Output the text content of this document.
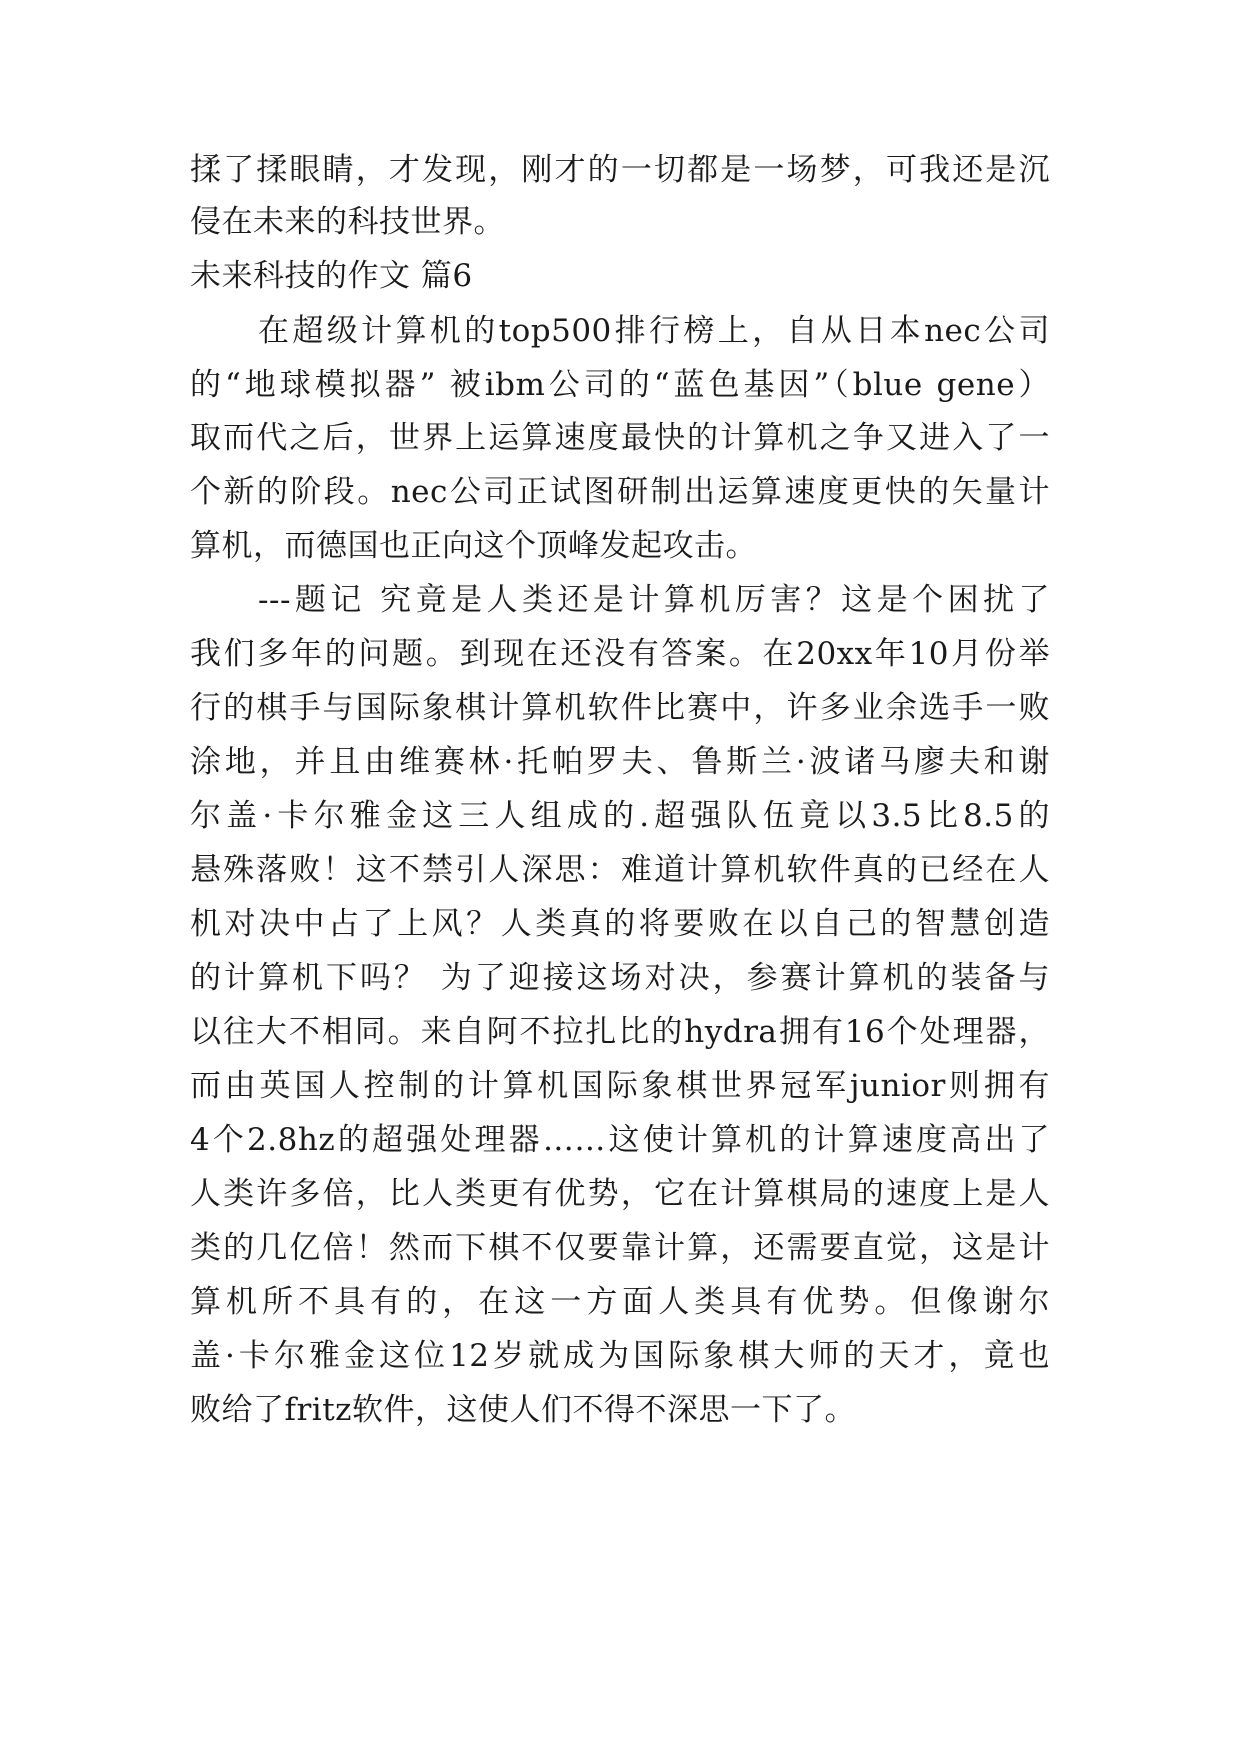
揉了揉眼睛，才发现，刚才的一切都是一场梦，可我还是沉
侵在未来的科技世界。
未来科技的作文 篇6
在超级计算机的top500排行榜上，自从日本nec公司
的“地球模拟器” 被ibm公司的“蓝色基因”（blue gene）
取而代之后，世界上运算速度最快的计算机之争又进入了一
个新的阶段。nec公司正试图研制出运算速度更快的矢量计
算机，而德国也正向这个顶峰发起攻击。
---题记 究竟是人类还是计算机厉害？这是个困扰了
我们多年的问题。到现在还没有答案。在20xx年10月份举
行的棋手与国际象棋计算机软件比赛中，许多业余选手一败
涂地，并且由维赛林·托帕罗夫、鲁斯兰·波诸马廖夫和谢
尔盖·卡尔雅金这三人组成的.超强队伍竟以3.5比8.5的
悬殊落败！这不禁引人深思：难道计算机软件真的已经在人
机对决中占了上风？人类真的将要败在以自己的智慧创造
的计算机下吗？ 为了迎接这场对决，参赛计算机的装备与
以往大不相同。来自阿不拉扎比的hydra拥有16个处理器，
而由英国人控制的计算机国际象棋世界冠军junior则拥有
4个2.8hz的超强处理器……这使计算机的计算速度高出了
人类许多倍，比人类更有优势，它在计算棋局的速度上是人
类的几亿倍！然而下棋不仅要靠计算，还需要直觉，这是计
算机所不具有的，在这一方面人类具有优势。但像谢尔
盖·卡尔雅金这位12岁就成为国际象棋大师的天才，竟也
败给了fritz软件，这使人们不得不深思一下了。
